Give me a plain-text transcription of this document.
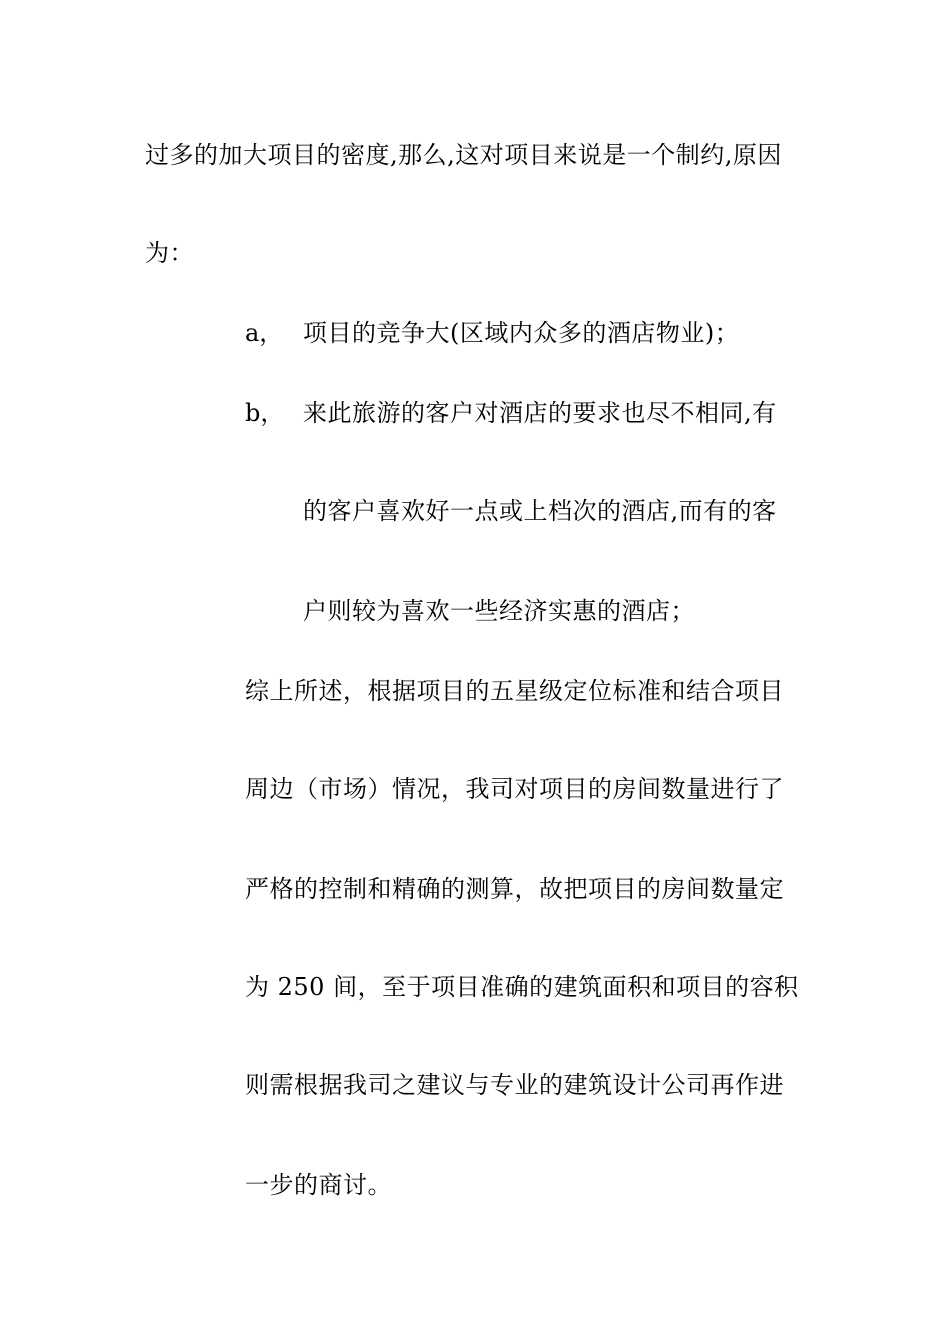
过多的加大项目的密度,那么,这对项目来说是一个制约,原因
为：
a， 项目的竞争大(区域内众多的酒店物业)；
b， 来此旅游的客户对酒店的要求也尽不相同,有
的客户喜欢好一点或上档次的酒店,而有的客
户则较为喜欢一些经济实惠的酒店；
综上所述，根据项目的五星级定位标准和结合项目
周边（市场）情况，我司对项目的房间数量进行了
严格的控制和精确的测算，故把项目的房间数量定
为 250 间，至于项目准确的建筑面积和项目的容积
则需根据我司之建议与专业的建筑设计公司再作进
一步的商讨。
